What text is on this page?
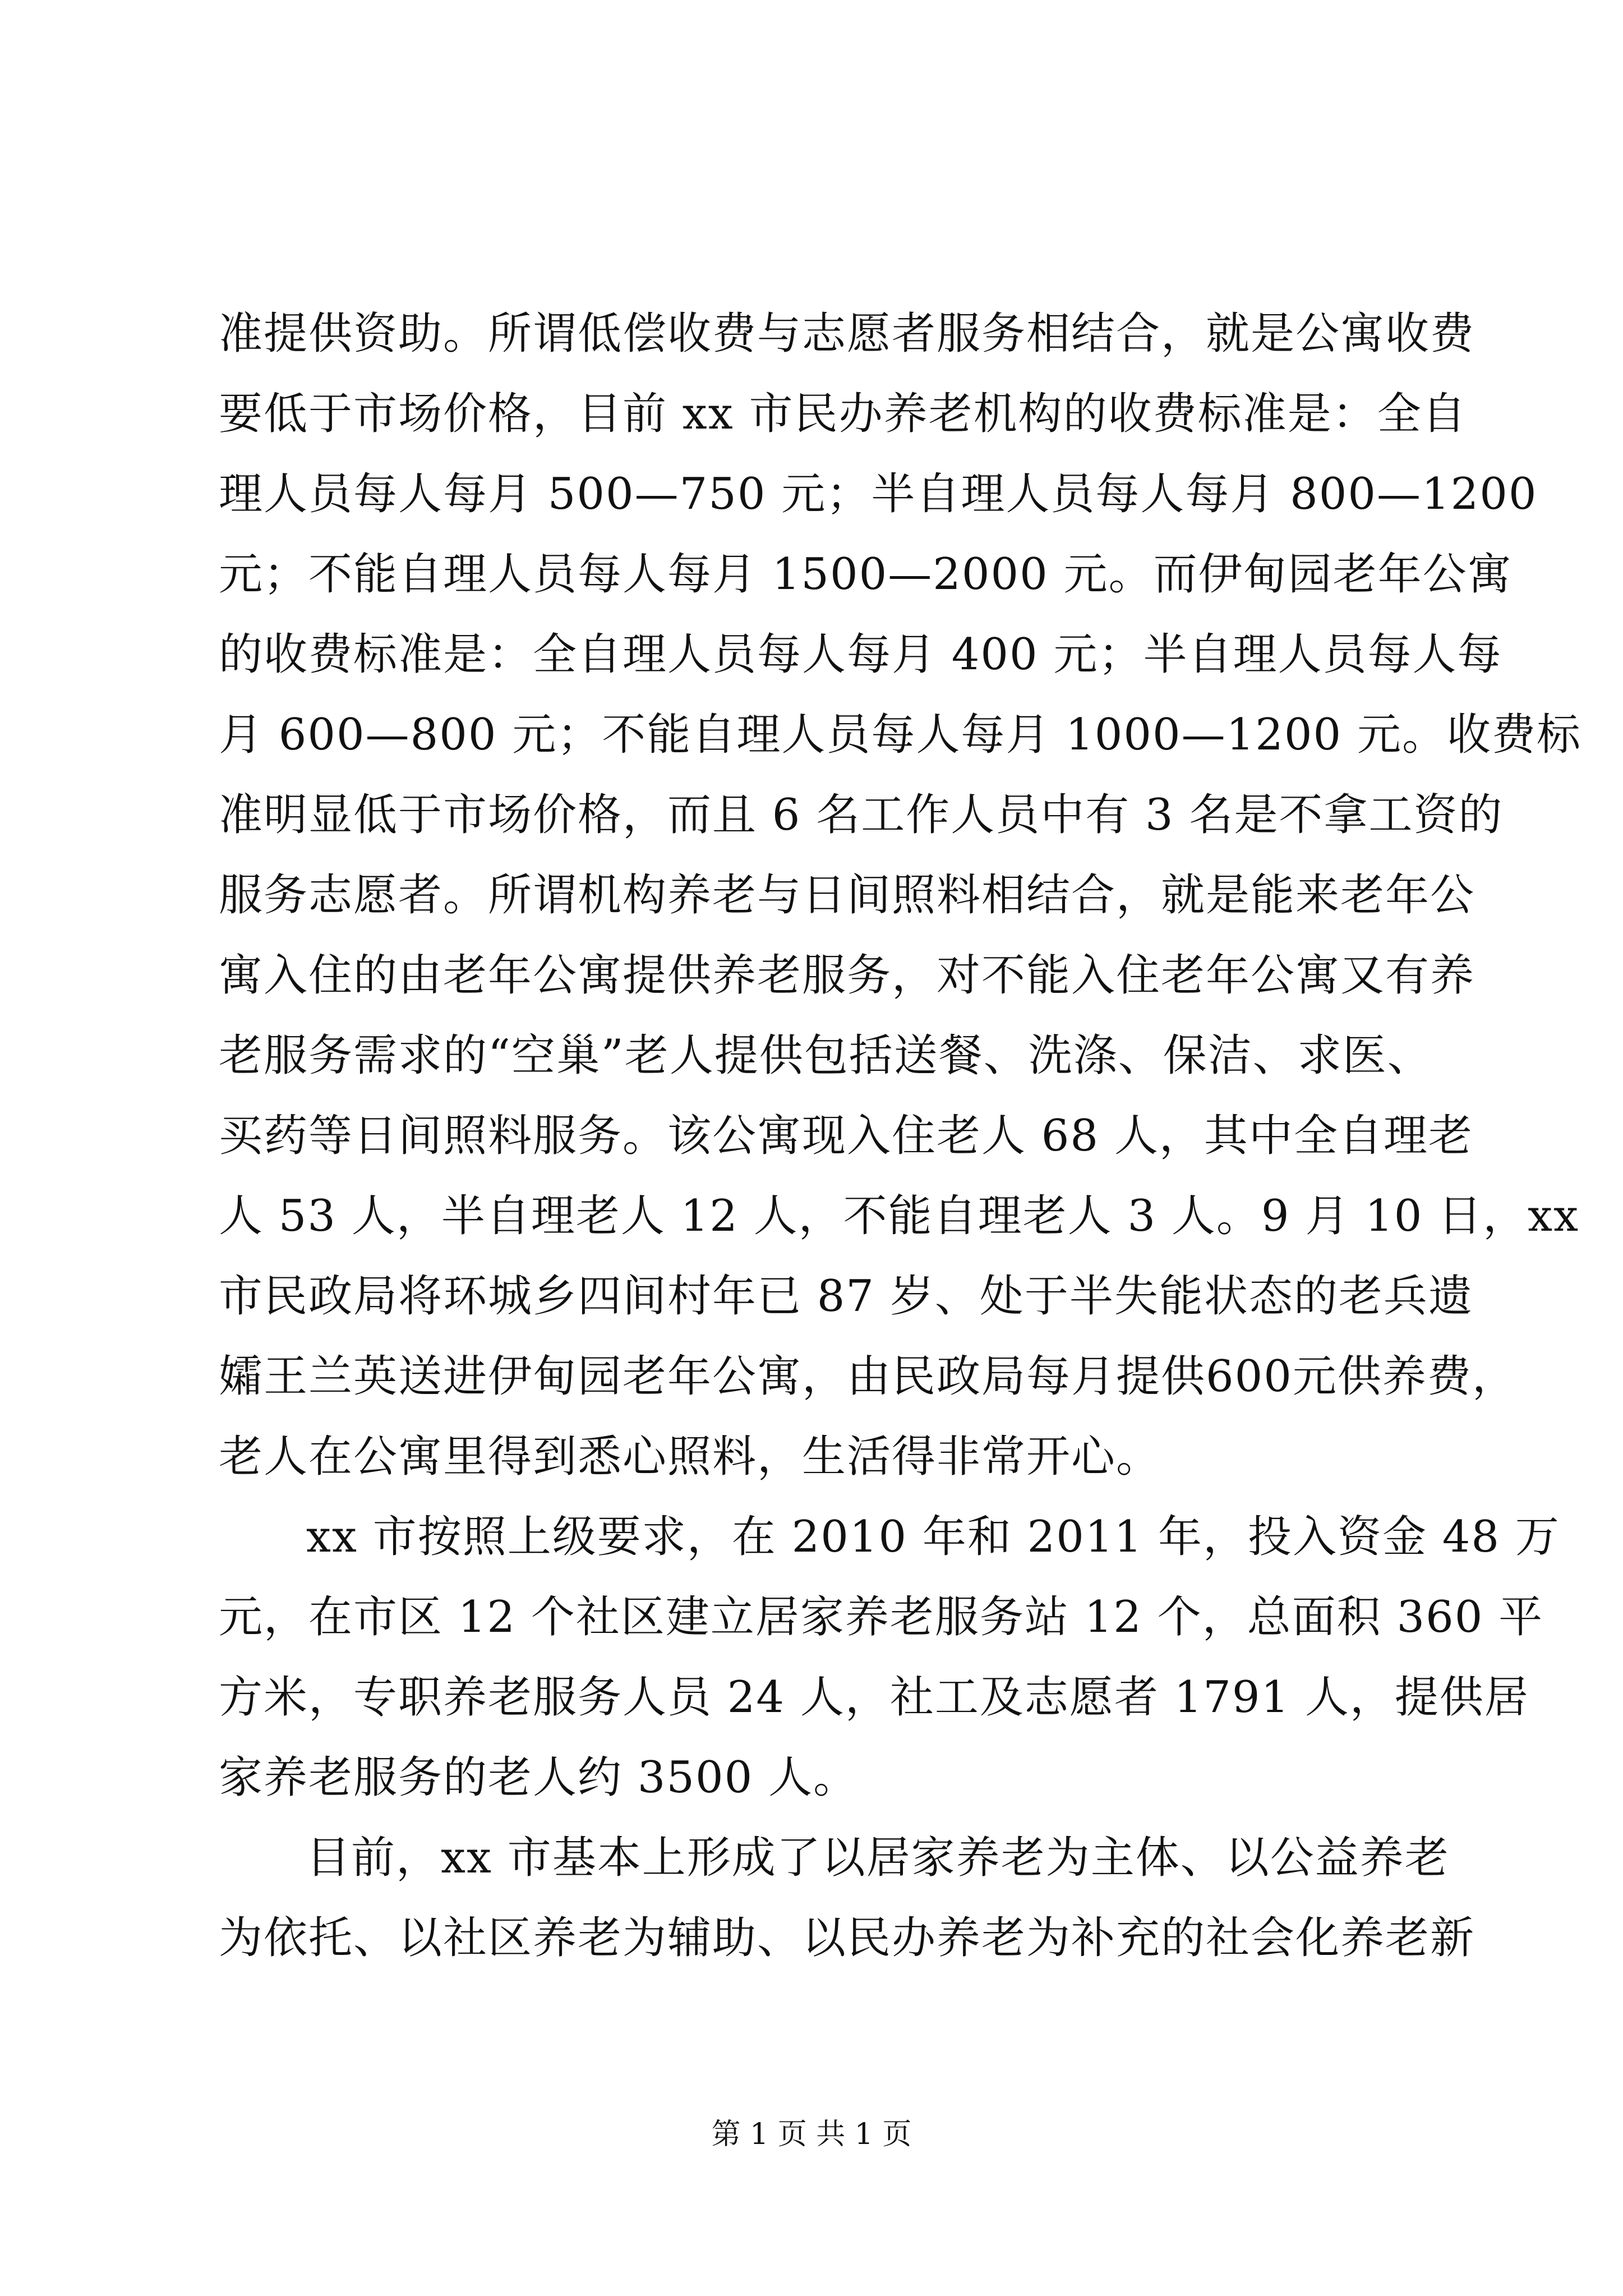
准提供资助。所谓低偿收费与志愿者服务相结合，就是公寓收费
要低于市场价格，目前 xx 市民办养老机构的收费标准是：全自
理人员每人每月 500—750 元；半自理人员每人每月 800—1200
元；不能自理人员每人每月 1500—2000 元。而伊甸园老年公寓
的收费标准是：全自理人员每人每月 400 元；半自理人员每人每
月 600—800 元；不能自理人员每人每月 1000—1200 元。收费标
准明显低于市场价格，而且 6 名工作人员中有 3 名是不拿工资的
服务志愿者。所谓机构养老与日间照料相结合，就是能来老年公
寓入住的由老年公寓提供养老服务，对不能入住老年公寓又有养
老服务需求的“空巢”老人提供包括送餐、洗涤、保洁、求医、
买药等日间照料服务。该公寓现入住老人 68 人，其中全自理老
人 53 人，半自理老人 12 人，不能自理老人 3 人。9 月 10 日，xx
市民政局将环城乡四间村年已 87 岁、处于半失能状态的老兵遗
孀王兰英送进伊甸园老年公寓，由民政局每月提供600元供养费，
老人在公寓里得到悉心照料，生活得非常开心。
xx 市按照上级要求，在 2010 年和 2011 年，投入资金 48 万
元，在市区 12 个社区建立居家养老服务站 12 个，总面积 360 平
方米，专职养老服务人员 24 人，社工及志愿者 1791 人，提供居
家养老服务的老人约 3500 人。
目前，xx 市基本上形成了以居家养老为主体、以公益养老
为依托、以社区养老为辅助、以民办养老为补充的社会化养老新
第 1 页 共 1 页
